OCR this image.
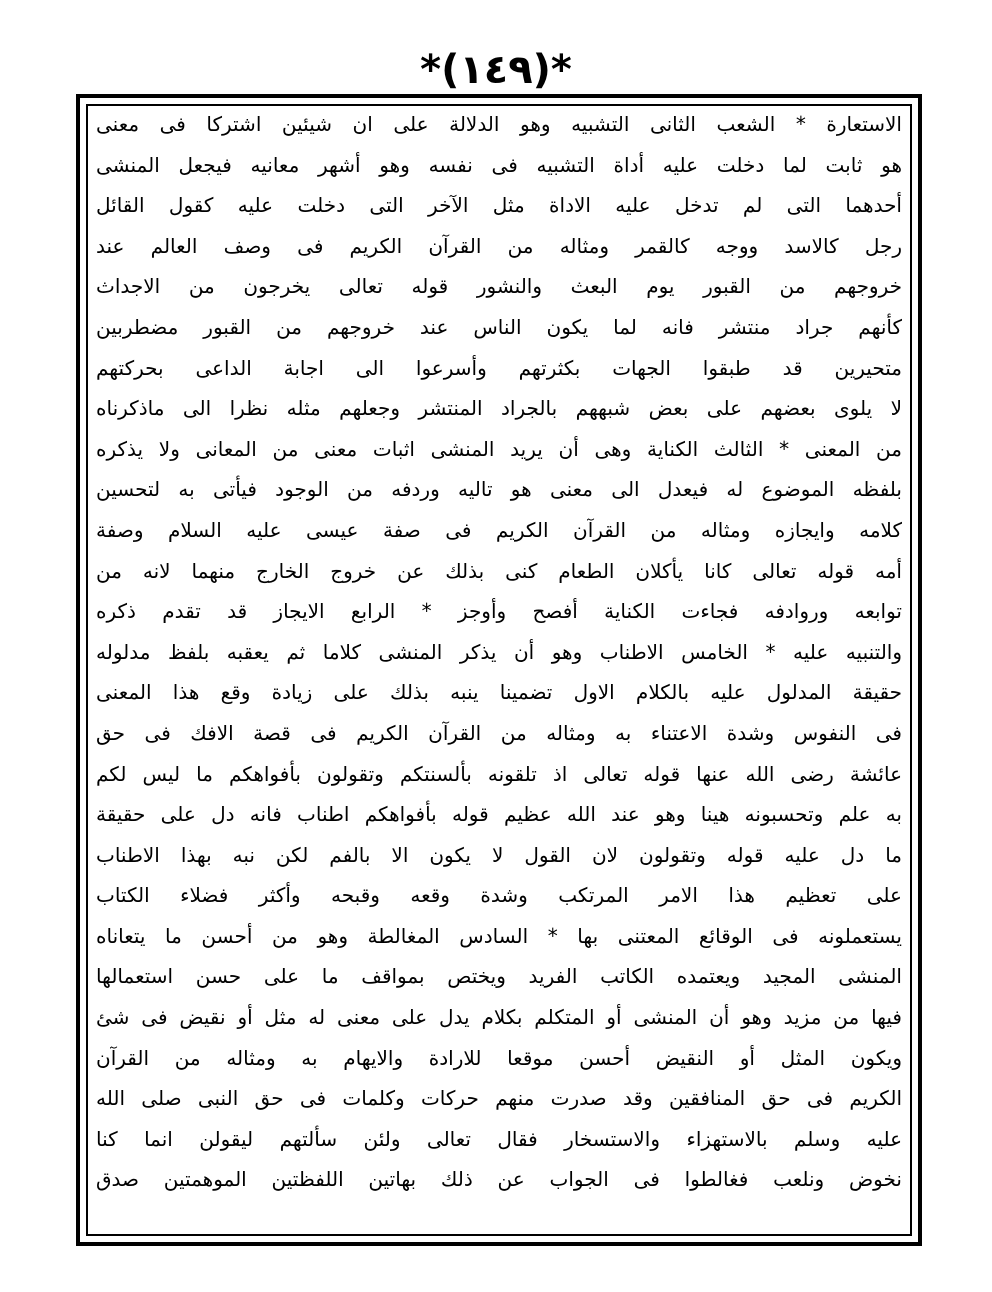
*(١٤٩)*
الاستعارة * الشعب الثانى التشبيه وهو الدلالة على ان شيئين اشتركا فى معنى
هو ثابت لما دخلت عليه أداة التشبيه فى نفسه وهو أشهر معانيه فيجعل المنشى
أحدهما التى لم تدخل عليه الاداة مثل الآخر التى دخلت عليه كقول القائل
رجل كالاسد ووجه كالقمر ومثاله من القرآن الكريم فى وصف العالم عند
خروجهم من القبور يوم البعث والنشور قوله تعالى يخرجون من الاجداث
كأنهم جراد منتشر فانه لما يكون الناس عند خروجهم من القبور مضطربين
متحيرين قد طبقوا الجهات بكثرتهم وأسرعوا الى اجابة الداعى بحركتهم
لا يلوى بعضهم على بعض شبههم بالجراد المنتشر وجعلهم مثله نظرا الى ماذكرناه
من المعنى * الثالث الكناية وهى أن يريد المنشى اثبات معنى من المعانى ولا يذكره
بلفظه الموضوع له فيعدل الى معنى هو تاليه وردفه من الوجود فيأتى به لتحسين
كلامه وايجازه ومثاله من القرآن الكريم فى صفة عيسى عليه السلام وصفة
أمه قوله تعالى كانا يأكلان الطعام كنى بذلك عن خروج الخارج منهما لانه من
توابعه وروادفه فجاءت الكناية أفصح وأوجز * الرابع الايجاز قد تقدم ذكره
والتنبيه عليه * الخامس الاطناب وهو أن يذكر المنشى كلاما ثم يعقبه بلفظ مدلوله
حقيقة المدلول عليه بالكلام الاول تضمينا ينبه بذلك على زيادة وقع هذا المعنى
فى النفوس وشدة الاعتناء به ومثاله من القرآن الكريم فى قصة الافك فى حق
عائشة رضى الله عنها قوله تعالى اذ تلقونه بألسنتكم وتقولون بأفواهكم ما ليس لكم
به علم وتحسبونه هينا وهو عند الله عظيم قوله بأفواهكم اطناب فانه دل على حقيقة
ما دل عليه قوله وتقولون لان القول لا يكون الا بالفم لكن نبه بهذا الاطناب
على تعظيم هذا الامر المرتكب وشدة وقعه وقبحه وأكثر فضلاء الكتاب
يستعملونه فى الوقائع المعتنى بها * السادس المغالطة وهو من أحسن ما يتعاناه
المنشى المجيد ويعتمده الكاتب الفريد ويختص بمواقف ما على حسن استعمالها
فيها من مزيد وهو أن المنشى أو المتكلم بكلام يدل على معنى له مثل أو نقيض فى شئ
ويكون المثل أو النقيض أحسن موقعا للارادة والايهام به ومثاله من القرآن
الكريم فى حق المنافقين وقد صدرت منهم حركات وكلمات فى حق النبى صلى الله
عليه وسلم بالاستهزاء والاستسخار فقال تعالى ولئن سألتهم ليقولن انما كنا
نخوض ونلعب فغالطوا فى الجواب عن ذلك بهاتين اللفظتين الموهمتين صدق
